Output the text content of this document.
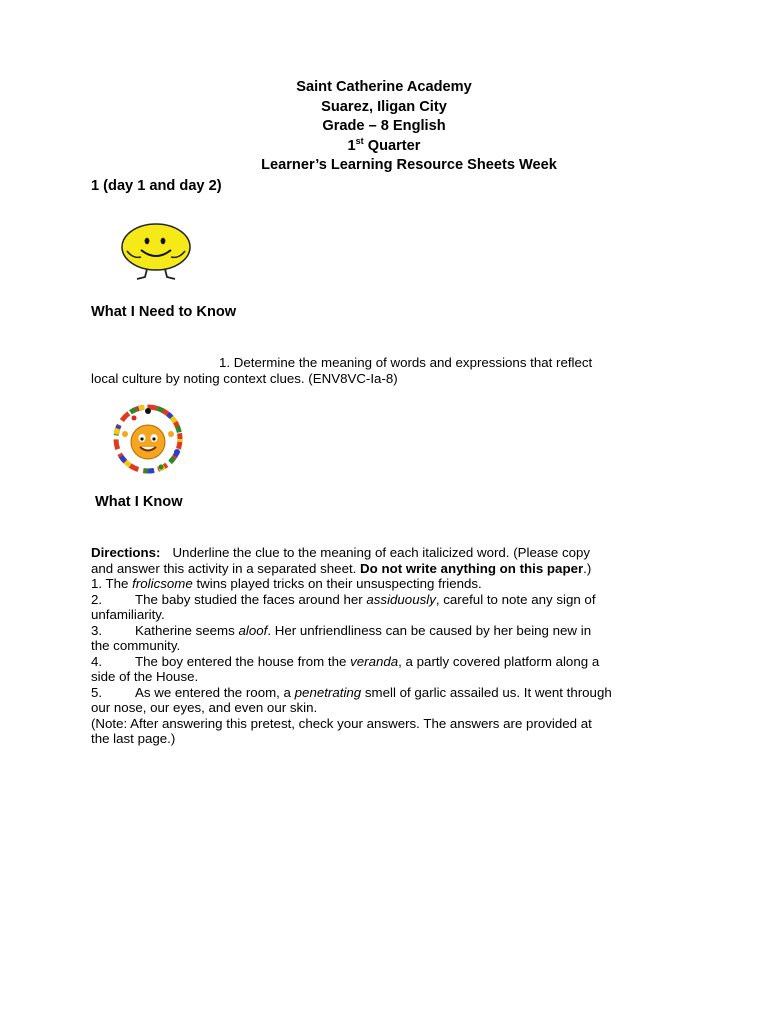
Saint Catherine Academy
Suarez, Iligan City
Grade – 8 English
1st Quarter
Learner’s Learning Resource Sheets Week
1 (day 1 and day 2)
What I Need to Know
1. Determine the meaning of words and expressions that reflect
local culture by noting context clues. (ENV8VC-Ia-8)
What I Know
Directions: Underline the clue to the meaning of each italicized word. (Please copy
and answer this activity in a separated sheet. Do not write anything on this paper.)
1. The frolicsome twins played tricks on their unsuspecting friends.
2. The baby studied the faces around her assiduously, careful to note any sign of
unfamiliarity.
3. Katherine seems aloof. Her unfriendliness can be caused by her being new in
the community.
4. The boy entered the house from the veranda, a partly covered platform along a
side of the House.
5. As we entered the room, a penetrating smell of garlic assailed us. It went through
our nose, our eyes, and even our skin.
(Note: After answering this pretest, check your answers. The answers are provided at
the last page.)
